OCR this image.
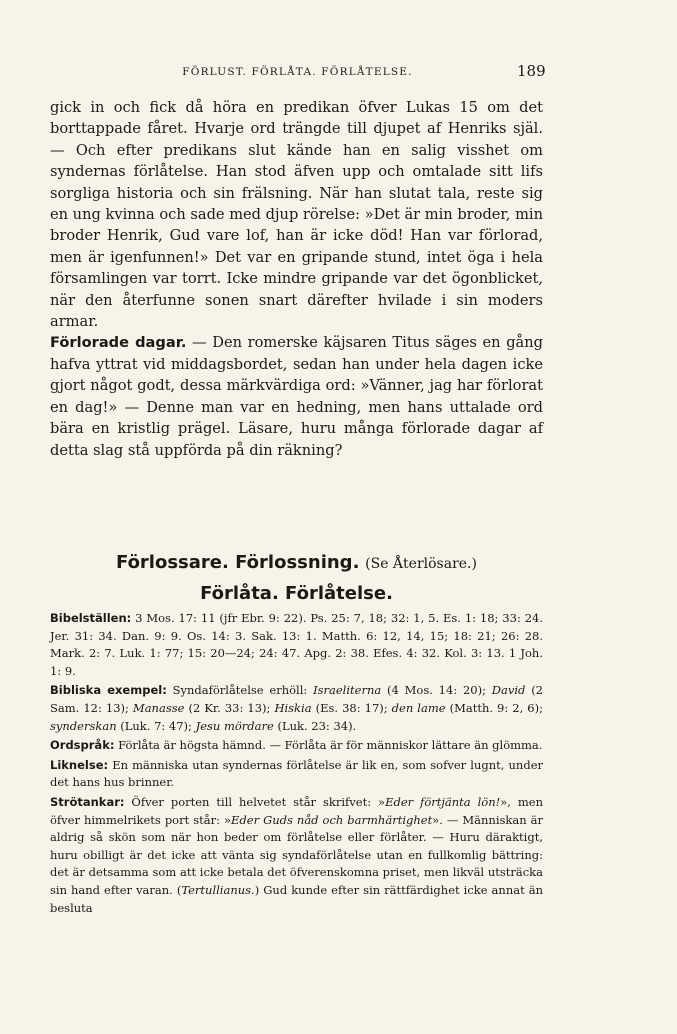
FÖRLUST. FÖRLÅTA. FÖRLÅTELSE.	189

gick in och fick då höra en predikan öfver Lukas 15 om det borttappade fåret. Hvarje ord trängde till djupet af Henriks själ. — Och efter predikans slut kände han en salig visshet om syndernas förlåtelse. Han stod äfven upp och omtalade sitt lifs sorgliga historia och sin frälsning. När han slutat tala, reste sig en ung kvinna och sade med djup rörelse: »Det är min broder, min broder Henrik, Gud vare lof, han är icke död! Han var förlorad, men är igenfunnen!» Det var en gripande stund, intet öga i hela församlingen var torrt. Icke mindre gripande var det ögonblicket, när den återfunne sonen snart därefter hvilade i sin moders armar.

Förlorade dagar. — Den romerske käjsaren Titus säges en gång hafva yttrat vid middagsbordet, sedan han under hela dagen icke gjort något godt, dessa märkvärdiga ord: »Vänner, jag har förlorat en dag!» — Denne man var en hedning, men hans uttalade ord bära en kristlig prägel. Läsare, huru många förlorade dagar af detta slag stå uppförda på din räkning?

Förlossare. Förlossning. (Se Återlösare.)
Förlåta. Förlåtelse.

Bibelställen: 3 Mos. 17: 11 (jfr Ebr. 9: 22). Ps. 25: 7, 18; 32: 1, 5. Es. 1: 18; 33: 24. Jer. 31: 34. Dan. 9: 9. Os. 14: 3. Sak. 13: 1. Matth. 6: 12, 14, 15; 18: 21; 26: 28. Mark. 2: 7. Luk. 1: 77; 15: 20—24; 24: 47. Apg. 2: 38. Efes. 4: 32. Kol. 3: 13. 1 Joh. 1: 9.

Bibliska exempel: Syndaförlåtelse erhöll: Israeliterna (4 Mos. 14: 20); David (2 Sam. 12: 13); Manasse (2 Kr. 33: 13); Hiskia (Es. 38: 17); den lame (Matth. 9: 2, 6); synderskan (Luk. 7: 47); Jesu mördare (Luk. 23: 34).

Ordspråk: Förlåta är högsta hämnd. — Förlåta är för människor lättare än glömma.

Liknelse: En människa utan syndernas förlåtelse är lik en, som sofver lugnt, under det hans hus brinner.

Strötankar: Öfver porten till helvetet står skrifvet: »Eder förtjänta lön!», men öfver himmelrikets port står: »Eder Guds nåd och barmhärtighet». — Människan är aldrig så skön som när hon beder om förlåtelse eller förlåter. — Huru däraktigt, huru obilligt är det icke att vänta sig syndaförlåtelse utan en fullkomlig bättring: det är detsamma som att icke betala det öfverenskomna priset, men likväl utsträcka sin hand efter varan. (Tertullianus.) Gud kunde efter sin rättfärdighet icke annat än besluta
